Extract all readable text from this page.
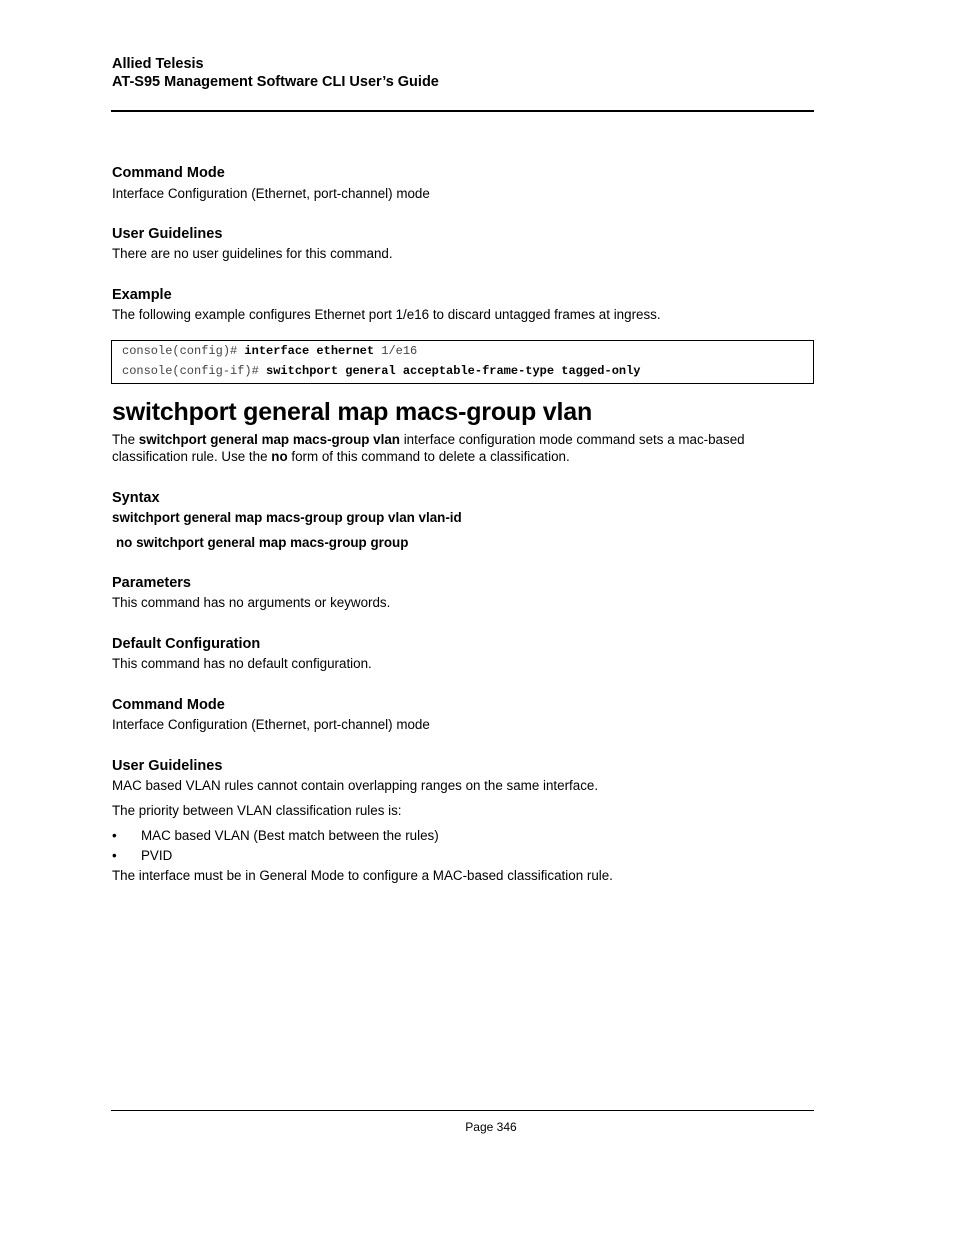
Allied Telesis
AT-S95 Management Software CLI User’s Guide
Command Mode
Interface Configuration (Ethernet, port-channel) mode
User Guidelines
There are no user guidelines for this command.
Example
The following example configures Ethernet port 1/e16 to discard untagged frames at ingress.
console(config)# interface ethernet 1/e16
console(config-if)# switchport general acceptable-frame-type tagged-only
switchport general map macs-group vlan
The switchport general map macs-group vlan interface configuration mode command sets a mac-based classification rule. Use the no form of this command to delete a classification.
Syntax
switchport general map macs-group group vlan vlan-id
no switchport general map macs-group group
Parameters
This command has no arguments or keywords.
Default Configuration
This command has no default configuration.
Command Mode
Interface Configuration (Ethernet, port-channel) mode
User Guidelines
MAC based VLAN rules cannot contain overlapping ranges on the same interface.
The priority between VLAN classification rules is:
• MAC based VLAN (Best match between the rules)
• PVID
The interface must be in General Mode to configure a MAC-based classification rule.
Page 346
